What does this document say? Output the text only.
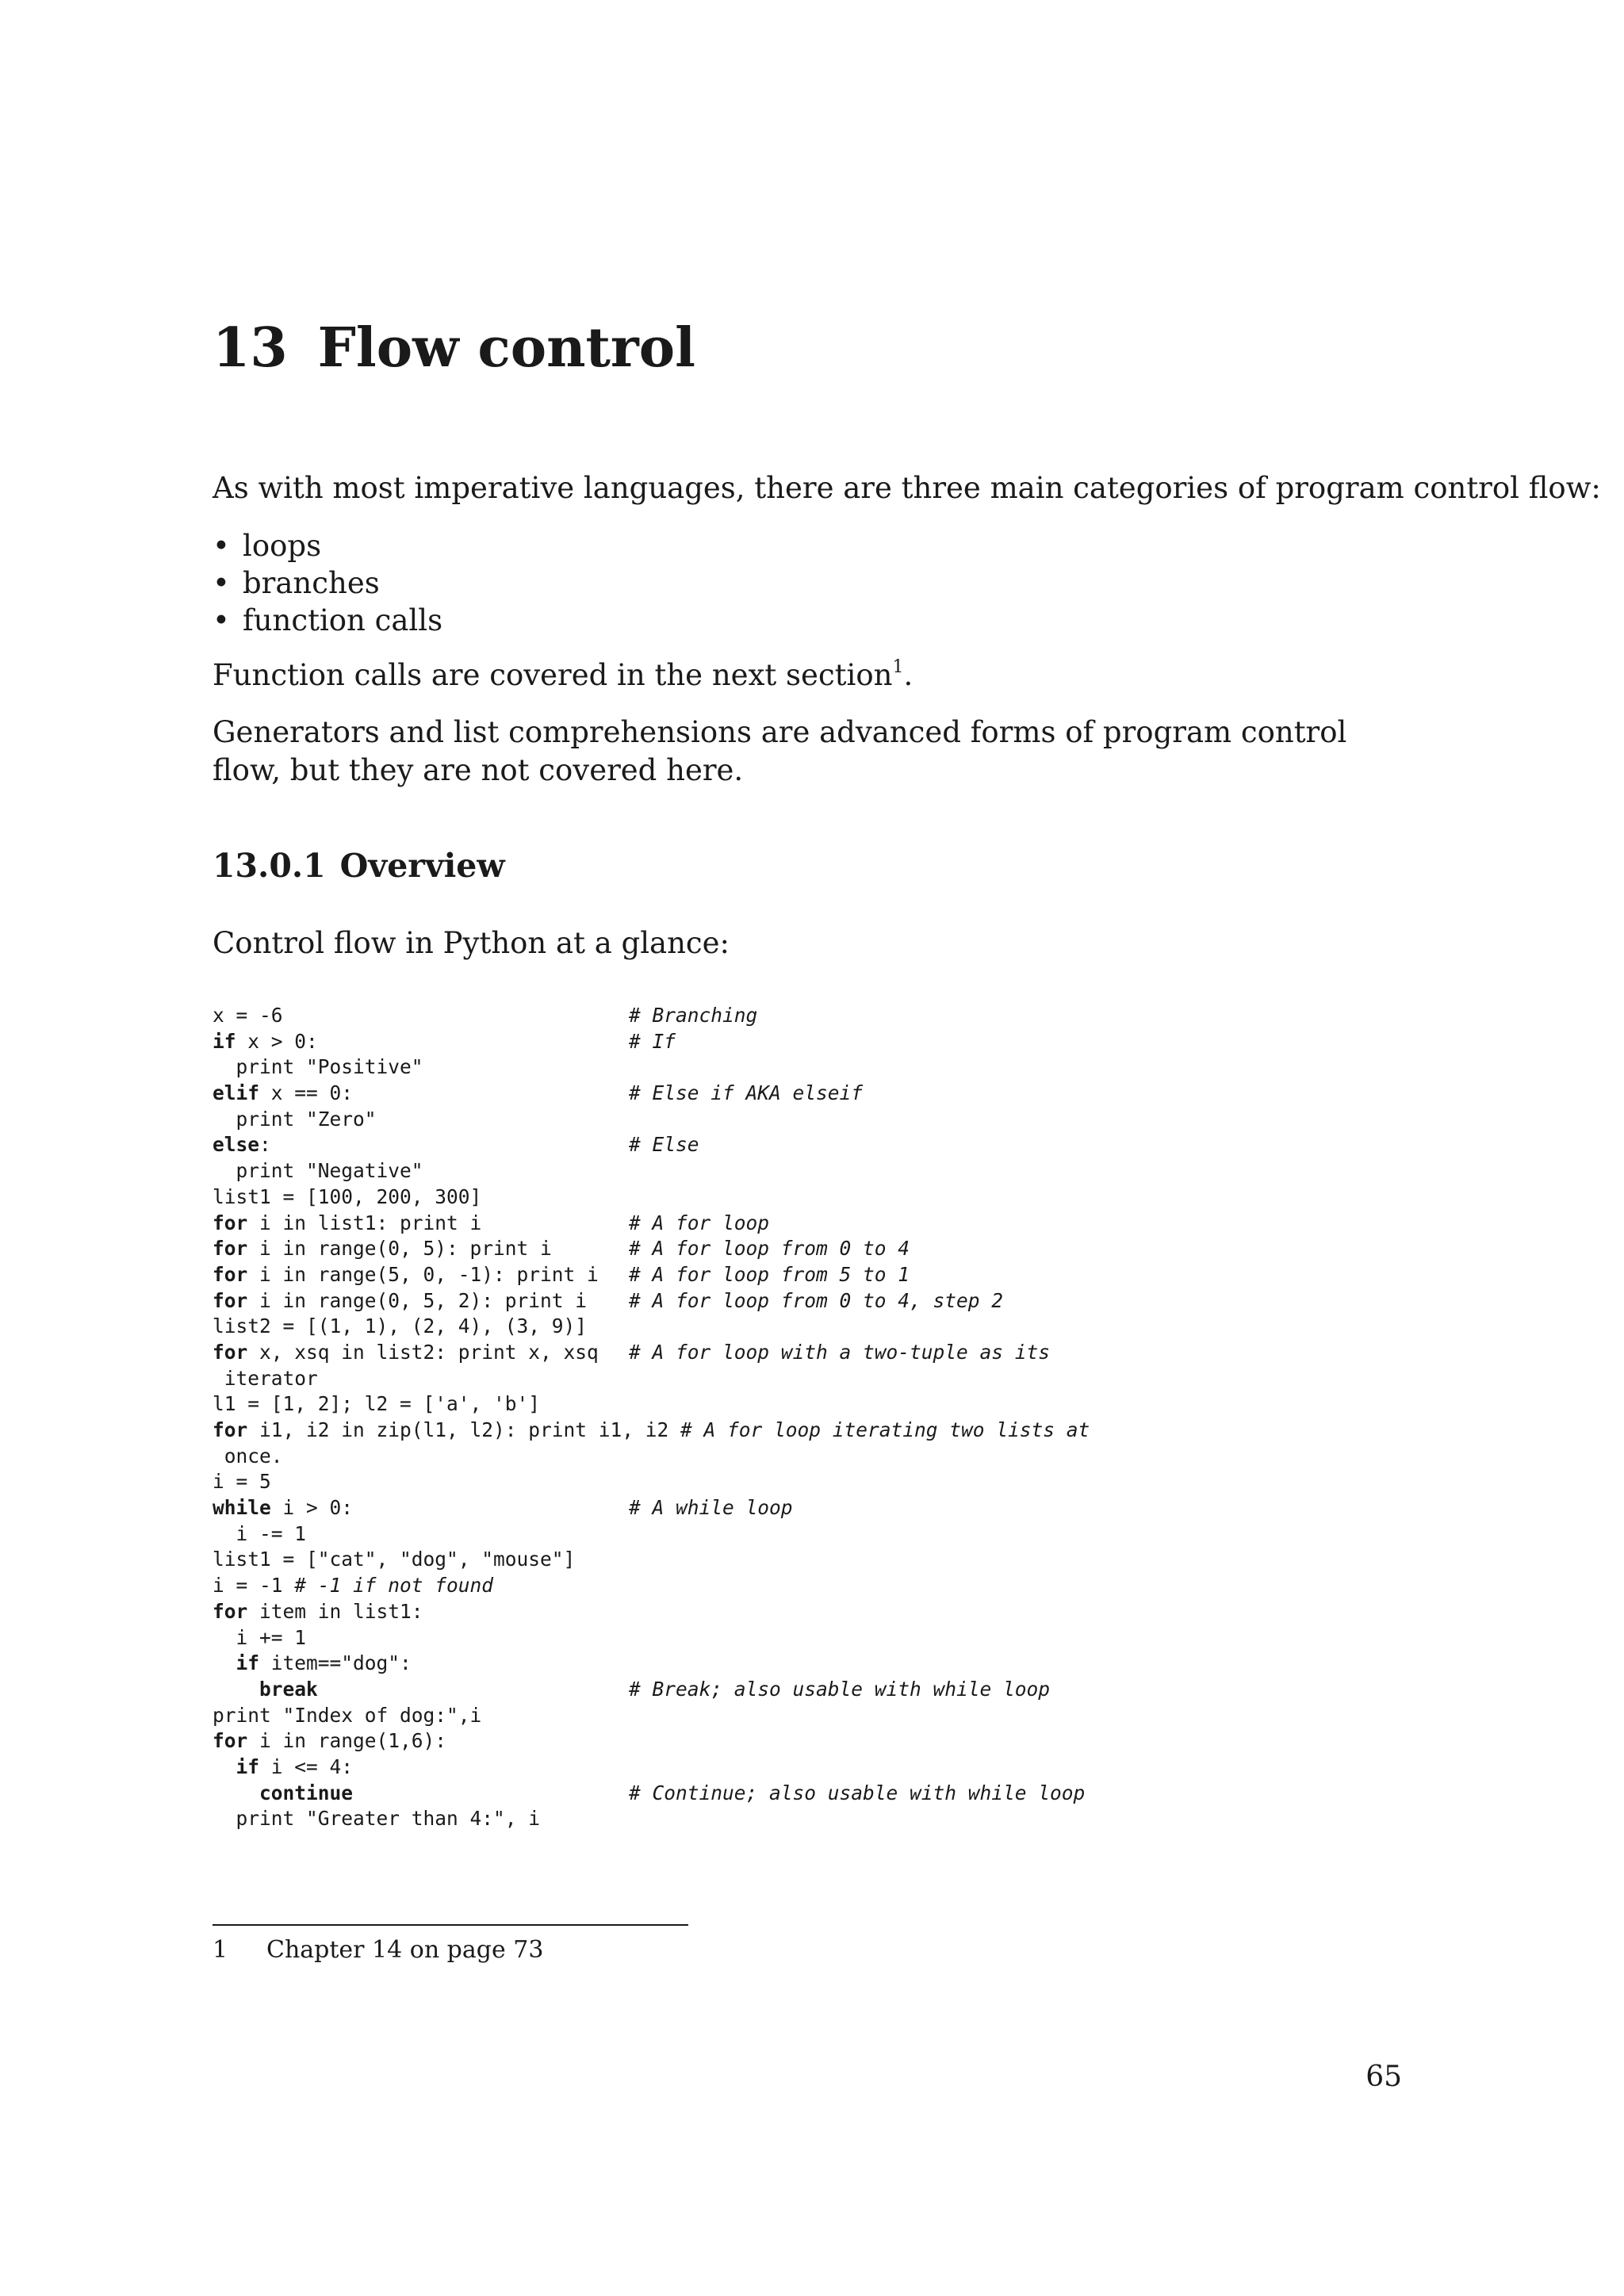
13 Flow control

As with most imperative languages, there are three main categories of program control flow:

• loops
• branches
• function calls

Function calls are covered in the next section$^1$.

Generators and list comprehensions are advanced forms of program control flow, but they are not covered here.

13.0.1 Overview

Control flow in Python at a glance:

x = -6	# Branching
if x > 0:	# If
print "Positive"
elif x == 0:	# Else if AKA elseif
print "Zero"
else:	# Else
print "Negative"
list1 = [100, 200, 300]
for i in list1: print i	# A for loop
for i in range(0, 5): print i	# A for loop from 0 to 4
for i in range(5, 0, -1): print i # A for loop from 5 to 1
for i in range(0, 5, 2): print i # A for loop from 0 to 4, step 2
list2 = [(1, 1), (2, 4), (3, 9)]
for x, xsq in list2: print x, xsq # A for loop with a two-tuple as its
iterator
l1 = [1, 2]; l2 = ['a', 'b']
for i1, i2 in zip(l1, l2): print i1, i2 # A for loop iterating two lists at
once.
i = 5
while i > 0:	# A while loop
i -= 1
list1 = ["cat", "dog", "mouse"]
i = -1 # -1 if not found
for item in list1:
i += 1
if item=="dog":
break	# Break; also usable with while loop
print "Index of dog:",i
for i in range(1,6):
if i <= 4:
continue	# Continue; also usable with while loop
print "Greater than 4:", i

1 Chapter 14 on page 73

65
